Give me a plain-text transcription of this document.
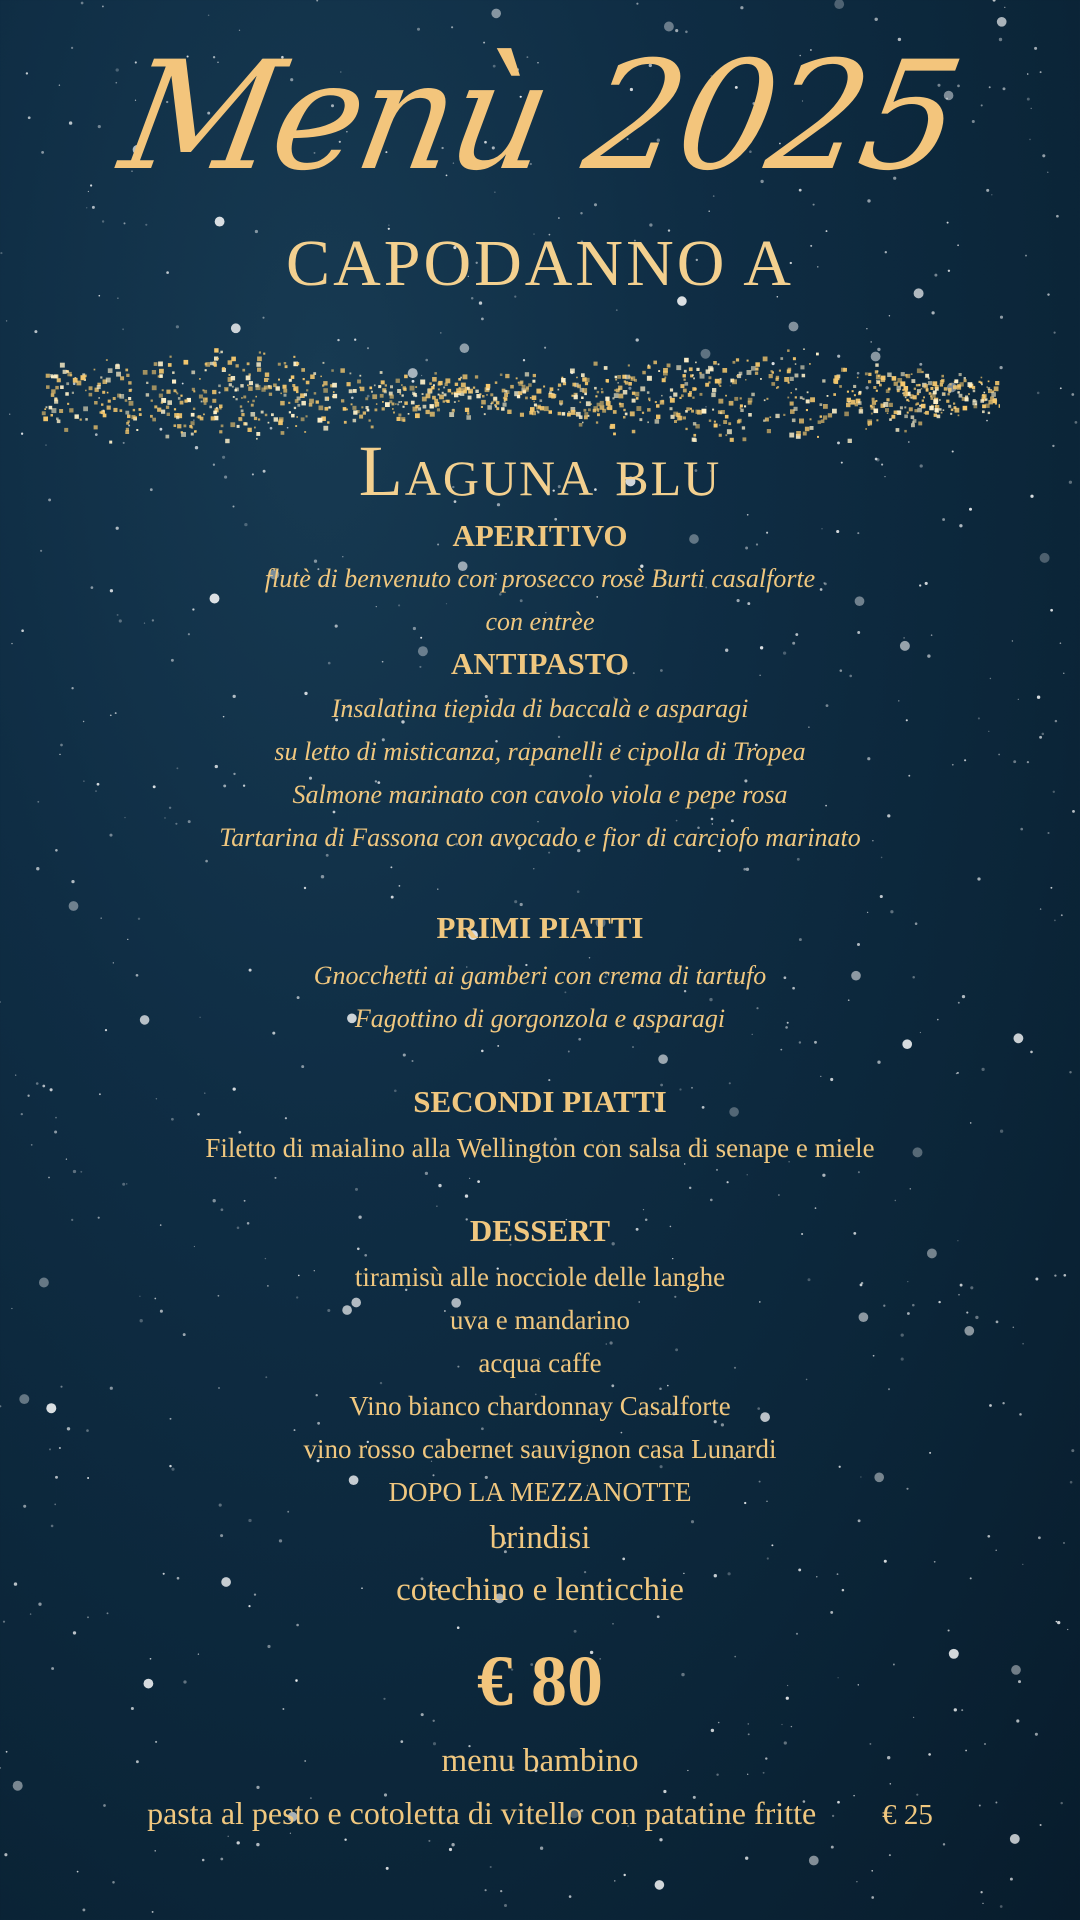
Menù 2025
CAPODANNO A
Laguna blu
APERITIVO
flutè di benvenuto con prosecco rosè Burti casalforte
con entrèe
ANTIPASTO
Insalatina tiepida di baccalà e asparagi
su letto di misticanza, rapanelli e cipolla di Tropea
Salmone marinato con cavolo viola e pepe rosa
Tartarina di Fassona con avocado e fior di carciofo marinato
PRIMI PIATTI
Gnocchetti ai gamberi con crema di tartufo
Fagottino di gorgonzola e asparagi
SECONDI PIATTI
Filetto di maialino alla Wellington con salsa di senape e miele
DESSERT
tiramisù alle nocciole delle langhe
uva e mandarino
acqua caffe
Vino bianco chardonnay Casalforte
vino rosso cabernet sauvignon casa Lunardi
DOPO LA MEZZANOTTE
brindisi
cotechino e lenticchie
€ 80
menu bambino
pasta al pesto e cotoletta di vitello con patatine fritte € 25
